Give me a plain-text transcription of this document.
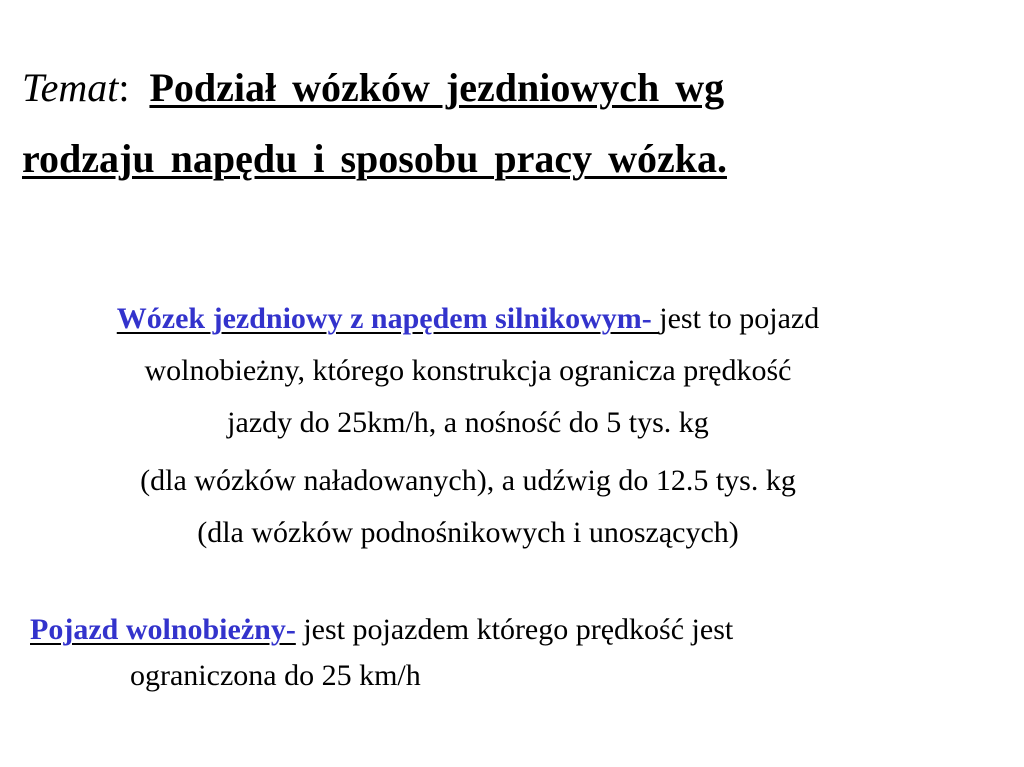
Temat: Podział wózków jezdniowych wg
rodzaju napędu i sposobu pracy wózka.

Wózek jezdniowy z napędem silnikowym- jest to pojazd
wolnobieżny, którego konstrukcja ogranicza prędkość
jazdy do 25km/h, a nośność do 5 tys. kg
(dla wózków naładowanych), a udźwig do 12.5 tys. kg
(dla wózków podnośnikowych i unoszących)

Pojazd wolnobieżny- jest pojazdem którego prędkość jest
ograniczona do 25 km/h
